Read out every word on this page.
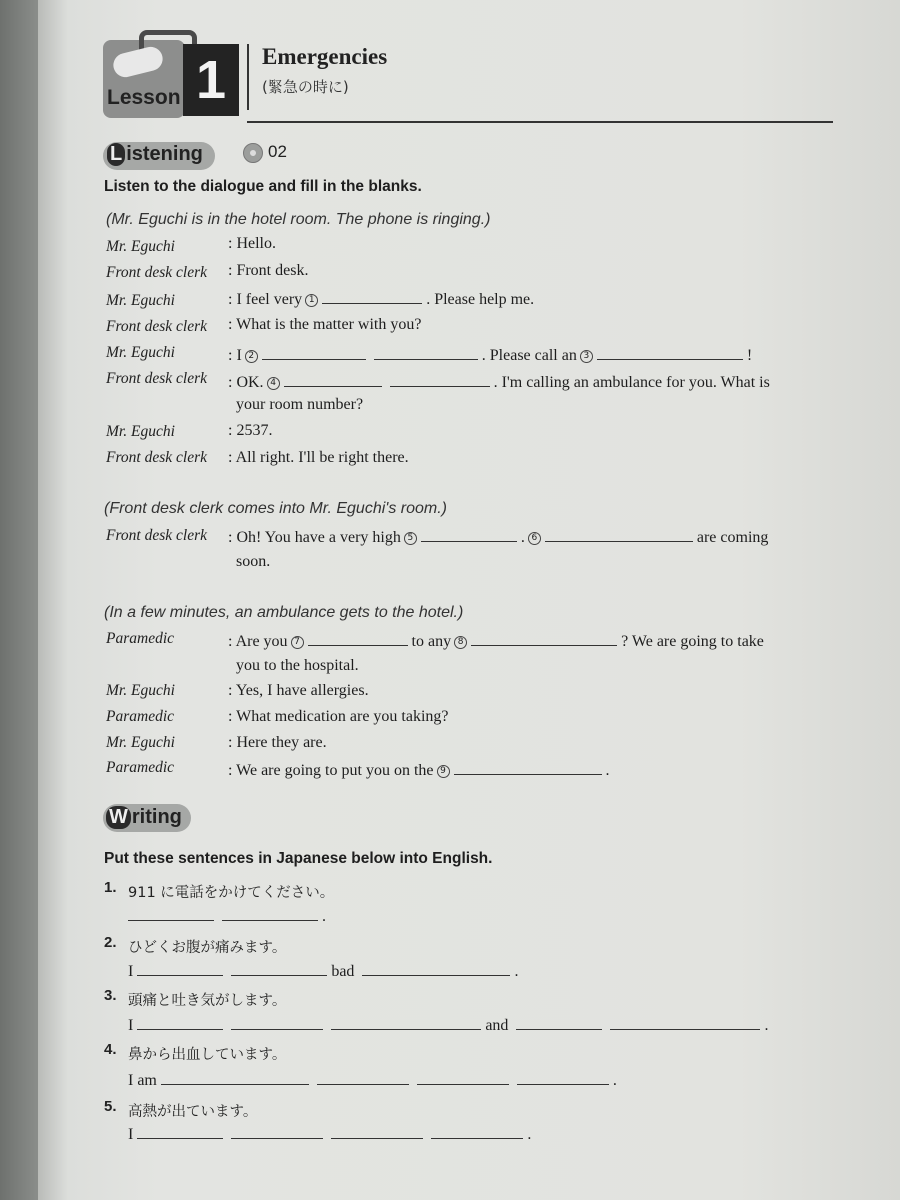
Lesson 1	Emergencies
(緊急の時に)
L istening	02
Listen to the dialogue and fill in the blanks.
(Mr. Eguchi is in the hotel room. The phone is ringing.)
Mr. Eguchi	: Hello.
Front desk clerk : Front desk.
Mr. Eguchi	: I feel very 1	. Please help me.
Front desk clerk : What is the matter with you?
Mr. Eguchi	: I 2	. Please call an 3	!
Front desk clerk : OK. 4	. I'm calling an ambulance for you. What is
your room number?
Mr. Eguchi	: 2537.
Front desk clerk : All right. I'll be right there.
(Front desk clerk comes into Mr. Eguchi's room.)
Front desk clerk : Oh! You have a very high 5	. 6	are coming
soon.
(In a few minutes, an ambulance gets to the hotel.)
Paramedic	: Are you 7	to any 8	? We are going to take
you to the hospital.
Mr. Eguchi	: Yes, I have allergies.
Paramedic	: What medication are you taking?
Mr. Eguchi	: Here they are.
Paramedic	: We are going to put you on the 9	.
W riting
Put these sentences in Japanese below into English.
1. 911 に電話をかけてください。
.
2. ひどくお腹が痛みます。
I	bad	.
3. 頭痛と吐き気がします。
I	and	.
4. 鼻から出血しています。
I am	.
5. 高熱が出ています。
I	.
